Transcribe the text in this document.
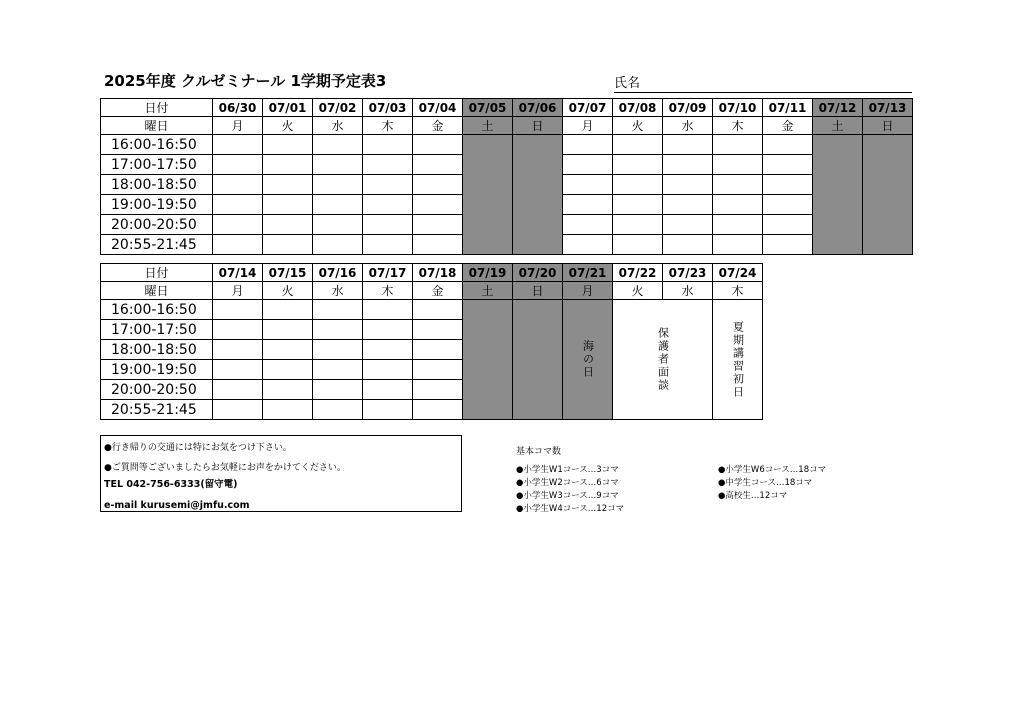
2025年度 クルゼミナール 1学期予定表3	氏名
日付	06/30	07/01	07/02	07/03	07/04	07/05	07/06	07/07	07/08	07/09	07/10	07/11	07/12	07/13
曜日	月	火	水	木	金	土	日	月	火	水	木	金	土	日
16:00-16:50														
17:00-17:50														
18:00-18:50														
19:00-19:50														
20:00-20:50														
20:55-21:45														
日付	07/14	07/15	07/16	07/17	07/18	07/19	07/20	07/21	07/22	07/23	07/24
曜日	月	火	水	木	金	土	日	月	火	水	木
16:00-16:50								海の日	保護者面談		夏期講習初日
17:00-17:50											
18:00-18:50											
19:00-19:50											
20:00-20:50											
20:55-21:45											
●行き帰りの交通には特にお気をつけ下さい。
●ご質問等ございましたらお気軽にお声をかけてください。
TEL 042-756-6333(留守電)
e-mail kurusemi@jmfu.com
基本コマ数
●小学生W1コース…3コマ
●小学生W2コース…6コマ
●小学生W3コース…9コマ
●小学生W4コース…12コマ
●小学生W6コース…18コマ
●中学生コース…18コマ
●高校生…12コマ
